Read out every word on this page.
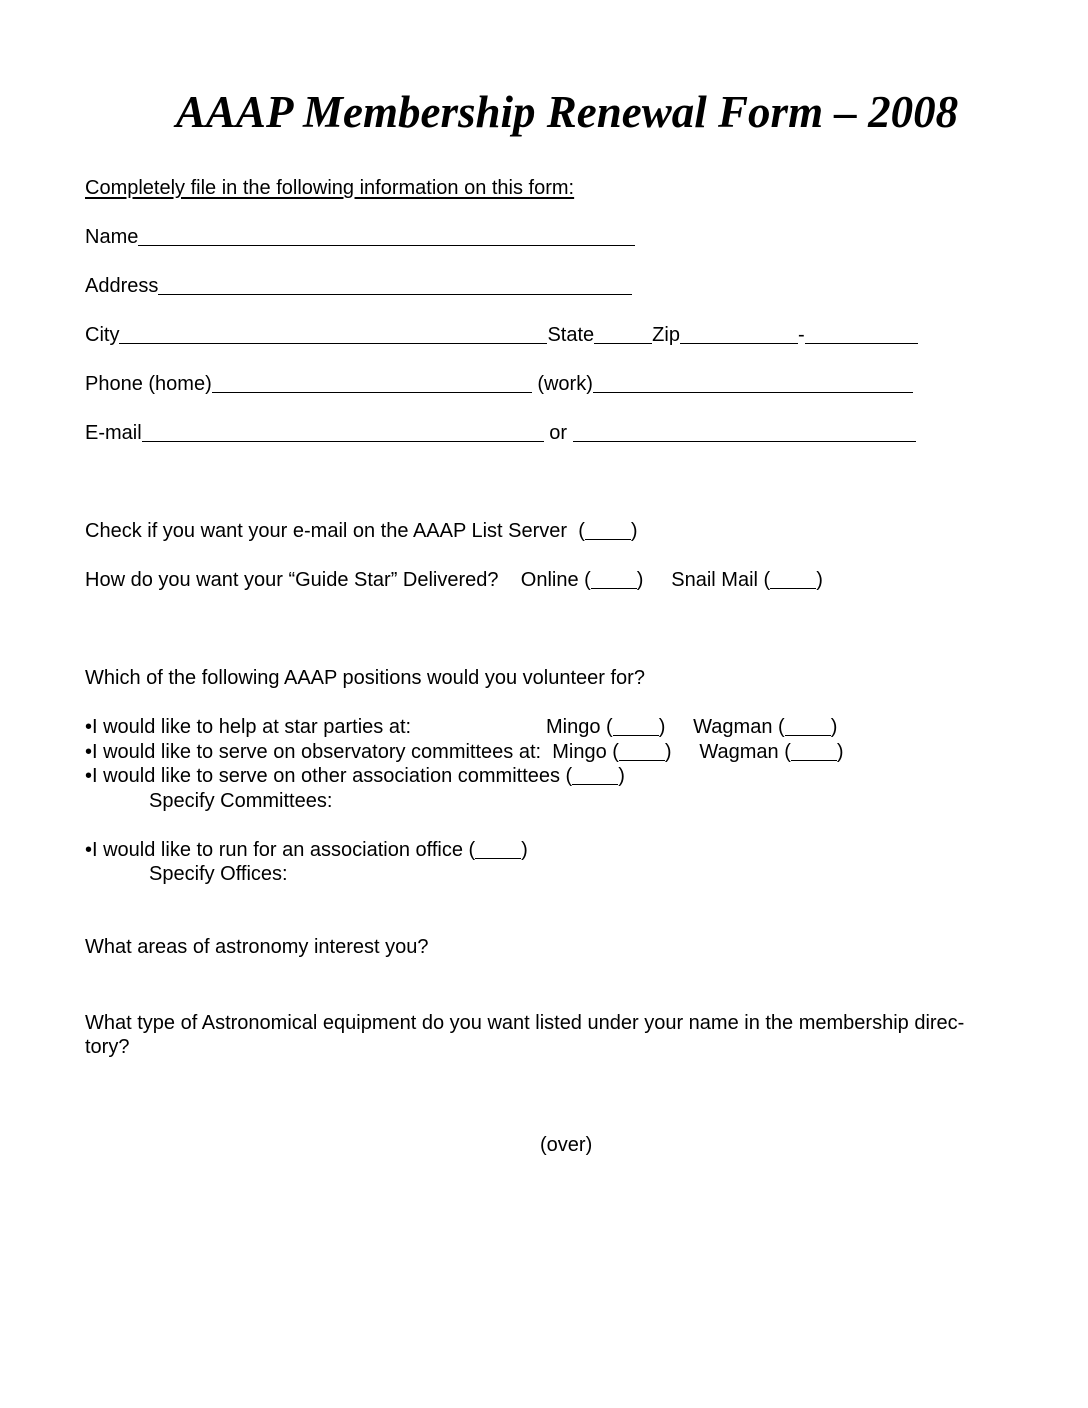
AAAP Membership Renewal Form – 2008
Completely file in the following information on this form:
Name
Address
City	State	Zip	-
Phone (home)	(work)
E-mail	or
Check if you want your e-mail on the AAAP List Server ( )
How do you want your “Guide Star” Delivered? Online ( ) Snail Mail ( )
Which of the following AAAP positions would you volunteer for?
•I would like to help at star parties at:	Mingo ( ) Wagman ( )
•I would like to serve on observatory committees at: Mingo ( ) Wagman ( )
•I would like to serve on other association committees ( )
Specify Committees:
•I would like to run for an association office ( )
Specify Offices:
What areas of astronomy interest you?
What type of Astronomical equipment do you want listed under your name in the membership direc-
tory?
(over)
